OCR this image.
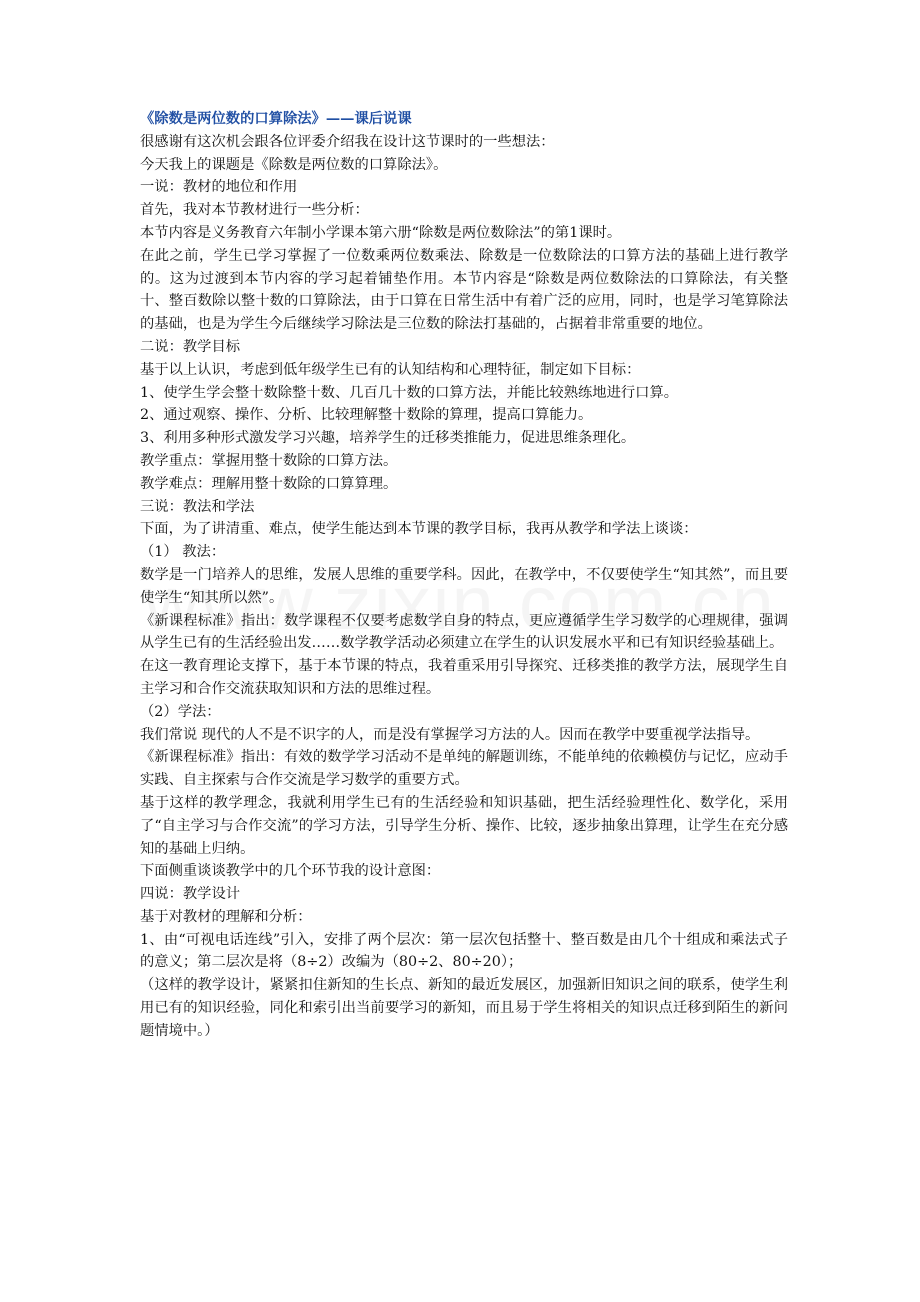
《除数是两位数的口算除法》——课后说课
很感谢有这次机会跟各位评委介绍我在设计这节课时的一些想法：
今天我上的课题是《除数是两位数的口算除法》。
一说：教材的地位和作用
首先，我对本节教材进行一些分析：
本节内容是义务教育六年制小学课本第六册“除数是两位数除法”的第1课时。
在此之前，学生已学习掌握了一位数乘两位数乘法、除数是一位数除法的口算方法的基础上进行教学的。这为过渡到本节内容的学习起着铺垫作用。本节内容是“除数是两位数除法的口算除法，有关整十、整百数除以整十数的口算除法，由于口算在日常生活中有着广泛的应用，同时，也是学习笔算除法的基础，也是为学生今后继续学习除法是三位数的除法打基础的，占据着非常重要的地位。
二说：教学目标
基于以上认识，考虑到低年级学生已有的认知结构和心理特征，制定如下目标：
1、使学生学会整十数除整十数、几百几十数的口算方法，并能比较熟练地进行口算。
2、通过观察、操作、分析、比较理解整十数除的算理，提高口算能力。
3、利用多种形式激发学习兴趣，培养学生的迁移类推能力，促进思维条理化。
教学重点：掌握用整十数除的口算方法。
教学难点：理解用整十数除的口算算理。
三说：教法和学法
下面，为了讲清重、难点，使学生能达到本节课的教学目标，我再从教学和学法上谈谈：
（1） 教法：
数学是一门培养人的思维，发展人思维的重要学科。因此，在教学中，不仅要使学生“知其然”，而且要使学生“知其所以然”。
《新课程标准》指出：数学课程不仅要考虑数学自身的特点，更应遵循学生学习数学的心理规律，强调从学生已有的生活经验出发……数学教学活动必须建立在学生的认识发展水平和已有知识经验基础上。
在这一教育理论支撑下，基于本节课的特点，我着重采用引导探究、迁移类推的教学方法，展现学生自主学习和合作交流获取知识和方法的思维过程。
（2）学法：
我们常说 现代的人不是不识字的人，而是没有掌握学习方法的人。因而在教学中要重视学法指导。
《新课程标准》指出：有效的数学学习活动不是单纯的解题训练，不能单纯的依赖模仿与记忆，应动手实践、自主探索与合作交流是学习数学的重要方式。
基于这样的教学理念，我就利用学生已有的生活经验和知识基础，把生活经验理性化、数学化，采用了“自主学习与合作交流”的学习方法，引导学生分析、操作、比较，逐步抽象出算理，让学生在充分感知的基础上归纳。
下面侧重谈谈教学中的几个环节我的设计意图：
四说：教学设计
基于对教材的理解和分析：
1、由“可视电话连线”引入，安排了两个层次：第一层次包括整十、整百数是由几个十组成和乘法式子的意义；第二层次是将（8÷2）改编为（80÷2、80÷20）；
（这样的教学设计，紧紧扣住新知的生长点、新知的最近发展区，加强新旧知识之间的联系，使学生利用已有的知识经验，同化和索引出当前要学习的新知，而且易于学生将相关的知识点迁移到陌生的新问题情境中。）
